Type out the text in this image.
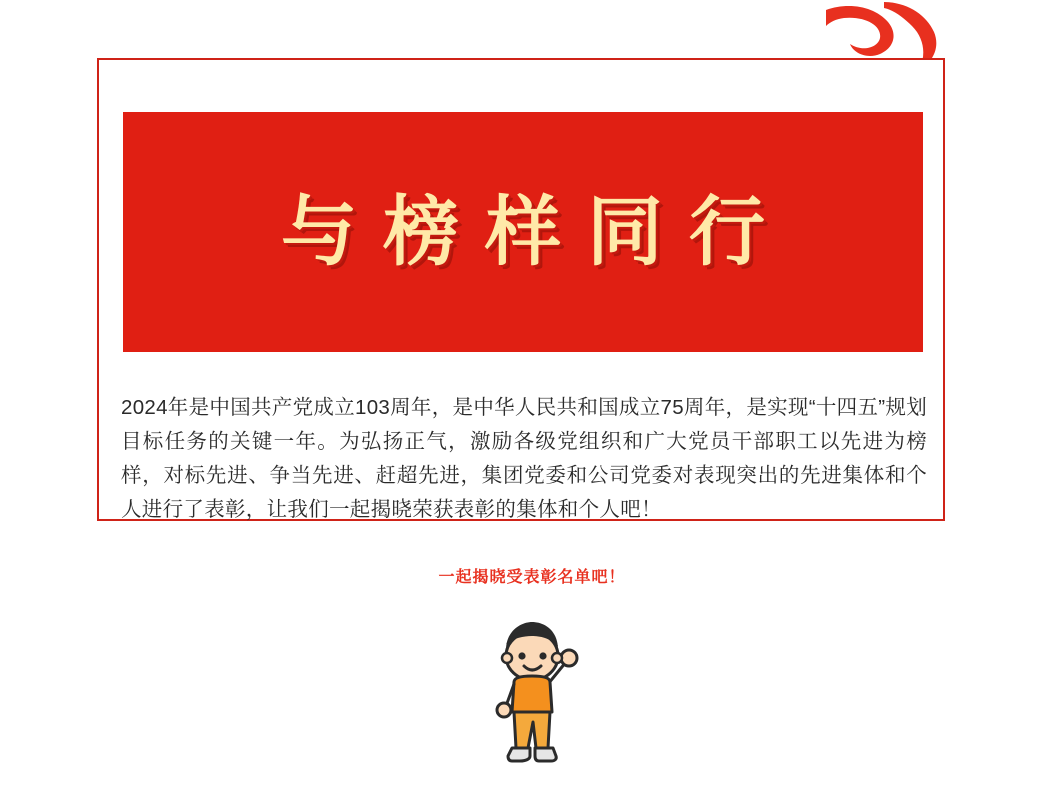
与榜样同行

2024年是中国共产党成立103周年，是中华人民共和国成立75周年，是实现“十四五”规划目标任务的关键一年。为弘扬正气，激励各级党组织和广大党员干部职工以先进为榜样，对标先进、争当先进、赶超先进，集团党委和公司党委对表现突出的先进集体和个人进行了表彰，让我们一起揭晓荣获表彰的集体和个人吧！

一起揭晓受表彰名单吧！
